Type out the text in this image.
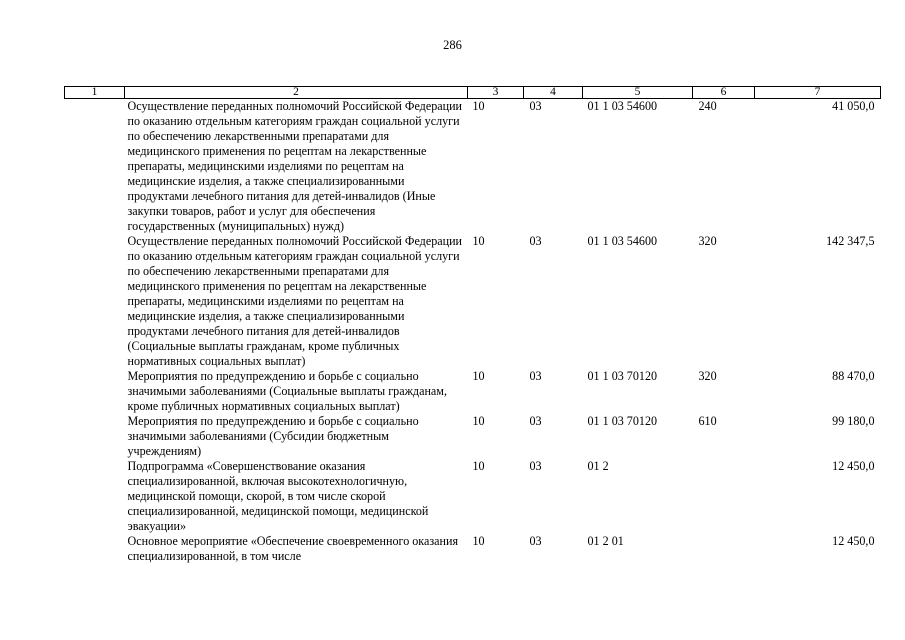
286
1	2	3	4	5	6	7
	Осуществление переданных полномочий Российской Федерации по оказанию отдельным категориям граждан социальной услуги по обеспечению лекарственными препаратами для медицинского применения по рецептам на лекарственные препараты, медицинскими изделиями по рецептам на медицинские изделия, а также специализированными продуктами лечебного питания для детей-инвалидов (Иные закупки товаров, работ и услуг для обеспечения государственных (муниципальных) нужд)	10	03	01 1 03 54600	240	41 050,0
	Осуществление переданных полномочий Российской Федерации по оказанию отдельным категориям граждан социальной услуги по обеспечению лекарственными препаратами для медицинского применения по рецептам на лекарственные препараты, медицинскими изделиями по рецептам на медицинские изделия, а также специализированными продуктами лечебного питания для детей-инвалидов (Социальные выплаты гражданам, кроме публичных нормативных социальных выплат)	10	03	01 1 03 54600	320	142 347,5
	Мероприятия по предупреждению и борьбе с социально значимыми заболеваниями (Социальные выплаты гражданам, кроме публичных нормативных социальных выплат)	10	03	01 1 03 70120	320	88 470,0
	Мероприятия по предупреждению и борьбе с социально значимыми заболеваниями (Субсидии бюджетным учреждениям)	10	03	01 1 03 70120	610	99 180,0
	Подпрограмма «Совершенствование оказания специализированной, включая высокотехнологичную, медицинской помощи, скорой, в том числе скорой специализированной, медицинской помощи, медицинской эвакуации»	10	03	01 2		12 450,0
	Основное мероприятие «Обеспечение своевременного оказания специализированной, в том числе	10	03	01 2 01		12 450,0
